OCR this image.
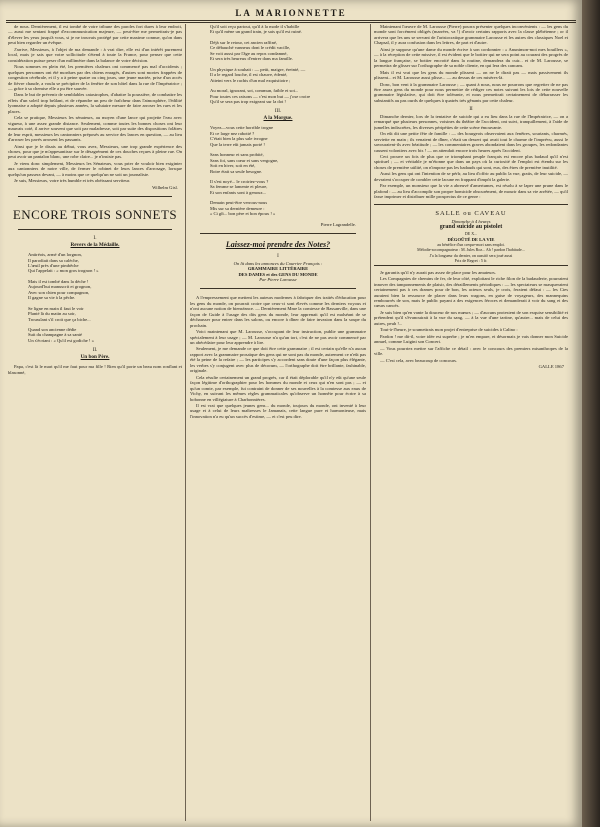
LA MARIONNETTE

de nous. Dernièrement, il est tombé de votre tribune des paroles fort dures à leur endroit, — aussi me sentant frappé d'excommunication majeure, — peut-être me permettrais-je pas d'élever les yeux jusqu'à vous, si je ne trouvais protégé par cette maxime connue, qu'on dans peut bien regarder un évêque.

J'arrive, Messieurs, à l'objet de ma demande : à vrai dire, elle est d'un intérêt purement local, mais je sais que votre sollicitude s'étend à toute la France, pour penser que cette considération puisse peser d'un millimètre dans la balance de votre décision.

Nous sommes en plein été, les premières chaleurs ont commencé pas mal d'accidents ; quelques personnes ont été mordues par des chiens enragés, d'autres sont mortes frappées de congestion cérébrale, et il y a à peine quatre ou cinq jours, une jeune mariée, prise d'un accès de fièvre chaude, a voulu se précipiter de la fenêtre de son hôtel dans la rue de l'Impératrice ; — grâce à sa chemise elle a pu être sauvée.

Dans le but de prévenir de semblables catastrophes, d'abattre la poussière, de combattre les effets d'un soleil trop brûlant, et de répandre un peu de fraîcheur dans l'atmosphère, l'édilité lyonnaise a adopté depuis plusieurs années, la salutaire mesure de faire arroser les rues et les places.

Cela se pratique, Messieurs les sénateurs, au moyen d'une lance qui projette l'eau avec vigueur, à une assez grande distance. Seulement, comme toutes les bonnes choses ont leur mauvais coté, il arrive souvent que soit par maladresse, soit par suite des dispositions folâtres de leur esprit, messieurs les cantonniers préposés au service des lances en question, — au lieu d'arroser les pavés arrosent les passants.

Ainsi que je le disais au début, vous avez, Messieurs, une trop grande expérience des choses, pour que je m'appesantisse sur le désagrément de ces douches reçues à pleine rue. On peut avoir un pantalon blanc, une robe claire... je n'insiste pas.

Je viens donc simplement, Messieurs les Sénateurs, vous prier de vouloir bien exiginter aux cantonniers de notre ville, de fermer le robinet de leurs lances d'arrosage, lorsque quelqu'un passera devant, — à moins que ce quelqu'un ne soit un journaliste.

Je suis, Messieurs, votre très humble et très obéissant serviteur.

Wilhelm Gisl.

ENCORE TROIS SONNETS

I.

Revers de la Médaille.

Antiréois, armé d'un lorgnon,

Il parodiait dans sa calèche,

L'œuil près d'une pimbêche

Qui l'appelait : « mon gros trognon ! »

Mais il est tombé dans la dèche !

Aujourd'hui manuscrit et grognon,

Avec son chien pour compagnon,

Il gagne sa vie à la pêche.

Se ligne en main il faut le voir

Planté là du matin au soir,

Trousslant s'il croit que ça biche...

Quand son ancienne dédie

Suit du champagne à sa santé

Un s'écriant : « Qu'il est godiche ! »

II.

Un bon Père.

Papa, c'est là le mari qu'il me faut pour ma fille ! Rien qu'il porte un beau nom ronflant et blasonné,

Qu'il soit reçu partout, qu'il à la mode il s'habille

Et qu'il mène un grand train, je sais qu'il est ruiné.

Déjà sur le retour, cet ancien raffiné,

Ce débauché vanneux dont le crédit vacille,

Se voit aussi par l'âge au repos condamné,

Et sera très heureux d'entrer dans ma famille.

Un physique à souhait : — petit, maigre, éreinté, —

Il a le regard louche, il est chauve, édenté,

Atteint vers le rachis d'un mal exquisitoire ;

Au moral, ignorant, sot, commun, faible et sot...

Pour toutes ces raisons — c'est mon but — j'ose croire

Qu'il se sera pas trop exigeant sur la dot !

III.

A la Morgue.

Voyez—vous cette horrible trogne

Et ce large nez rabotté ?

C'était bien la plus sale ivrogne

Que la terre eût jamais porté !

Sans honneur et sans probité,

Sans foi, sans cœur et sans vergogne,

Soit en hiver, soit en été,

Boire était sa seule besogne.

Il s'est noyé... le croiriez-vous ?

Sa femme se lamente et pleure,

Et son enfants sont à genoux...

Demain peut-être verrous-nous

Mis sur sa dernière demeure :

« Ci gît... bon père et bon époux ! »

Pierre Lagrandelle.

Laissez-moi prendre des Notes?

I

On lit dans les annonces du Courrier Français :

GRAMMAIRE LITTÉRAIRE

DES DAMES et des GENS DU MONDE

Par Pierre Larousse

A l'empressement que mettent les auteurs modernes à fabriquer des traités d'éducation pour les gens du monde, on pourrait croire que ceux-ci sont élevés comme les derniers voyous et n'ont aucune notion de bienséance. — Dernièrement Mme la comtesse de Bassanville, dans une façon de Guide à l'usage des dits gens du monde, leur apprenait qu'il est malséant de se déchausser pour entrer dans les salons, ou encore à dîner de faire invasion dans la soupe du prochain.

Voici maintenant que M. Larousse, s'occupant de leur instruction, publie une grammaire spécialement à leur usage ; — M. Larousse n'a qu'un tort, c'est de ne pas avoir commencé par un abécédaire pour leur apprendre à lire.

Seulement, je me demande ce que doit être cette grammaire ; il est certain qu'elle n'a aucun rapport avec la grammaire prosaïque des gens qui ne sont pas du monde, autrement ce n'eût pas été la peine de la refaire ; — les participes s'y accordent sans doute d'une façon plus élégante, les verbes s'y conjugent avec plus de décorum, — l'orthographe doit être brillante, fashinable, originale.

Cela résulte certainement un grand progrès, car il était déplorable qu'il n'y eût qu'une seule façon légitime d'orthographier pour les hommes du monde et ceux qui n'en sont pas ; — et qu'un comte, par exemple, fut contraint de donner de ses nouvelles à la comtesse aux eaux de Vichy, en suivant les mêmes règles grammaticales qu'observe un honnête pour écrire à sa bobonne en villégiature à Charbonnières.

Il est vrai que quelques jeunes gens... du monde, toujours du monde, ont inventé à leur usage et à celui de leurs maîtresses le Jamanais, cette langue pure et harmonieuse, mais l'innovation n'a eu qu'un succès d'estime, — et c'est peu dire.

Maintenant l'œuvre de M. Larousse (Pierre) pourra présenter quelques inconvénients : — les gens du monde sont forcément obligés (marrées, va !) d'avoir certains rapports avec la classe plébéienne ; or il arrivera que les uns se servant de l'aristocratique grammaire Larousse et les autres des classiques Noel et Chapsal, il y aura confusion dans les lettres, de part et d'autre.

Ainsi je suppose qu'une dame du monde écrive à son cordonnier : « Anunimon-moi mes bouillers », — à la réception de cette missive, il est évident que le bottier qui ne sera point au courant des progrès de la langue française, se bottier encrotté dans la routine, demandera du cuir... et de M. Larousse, se permettra de glisser sur l'orthographe de sa noble cliente, en qui lera des cancans.

Mais il est vrai que les gens du monde plissent — on ne le dirait pas — mais passivement ils plissent... et M. Larousse aussi plisse... — au dessus de ces misères-là.

Donc, bon vent à la grammaire Larousse ; — quant à nous, nous ne pourrons que regretter de ne pas être assez gens du monde pour nous permettre de rédiger ces notes suivant les lois de cette nouvelle grammaire législative, qui doit être tolérante, et nous permettrait certainement de débarrasser les substantifs au pas ourds de quelques à quatrès très gênants par cette chaleur.

II

Dimanche dernier, lors de la tentative de suicide qui a eu lieu dans la rue de l'Impératrice, — on a remarqué que plusieurs personnes, voisines du théâtre de l'accident, ont suivi, tranquillement, à l'aide de jumelles indiscrètes, les diverses péripéties de cette scène émouvante.

On eût dit une petite fête de famille : — des bourgeois observaient aux fenêtres, souriants, charmés, serviette en main ; ils venaient de dîner, c'était un dessert qui avait tout le charme de l'imprévu, aussi le savouraient-ils avec béatitude ; — les commentaires graves abondaient dans les groupes, les redondantes causent volontiers avec bis ! — on attendait encore trois heures après l'accident.

Ceci prouve un fois de plus que ce triomphant peuple français est encore plus badaud qu'il n'est spirituel ; — et véritable je m'étonne que dans un pays où la curiosité de l'emploi est étendu sur les choses de première utilité, on n'impose pas les badauds qui sont, eux, des êtres de première inutilité.

Aussi les gens qui ont l'intention de se pérîr, au lieu d'offrir au public la vue, gratis, de leur suicide, — devraient s'occuper de combler cette lacune en frappant d'impôt la galerie.

Par exemple, un monsieur que la vie a abreuvé d'amertumes, est résolu à se laper une prune dans le plafond : — au lieu d'accomplir son propre homicide obscurément, de mourir dans sa vie arrêtée, — qu'il fasse imprimer et distribuer mille prospectus de ce genre :

SALLE ou CAVEAU

Dimanche à 4 heures

grand suicide au pistolet

DE X...

DÉGOÛTÉ DE LA VIE

au bénéfice d'un creque-mort sans emploi.

Mélodie-accompagnateur : M. Jules Roz... Ah ! pardon l'habitude...

J'a la longueur du dernier, on aussitô sera joué aussi

Prix de Regret : 5 fr.

Je garantis qu'il n'y aurait pas assez de place pour les amateurs.

Les Compagnies de chemins de fer, de leur côté, exploitant le riche filon de la badauderie, pourraient innover des tamponnements de plaisir, des déraillements périodiques : — les spectateurs se masqueraient certainement pas à ces drames pour de bon, les acteurs seuls, je crois, feraient défaut : — les Cies auraient bien la ressource de placer dans leurs wagons, en guise de voyageurs, des mannequins rembourrés de son, mais le public payant a des exigences féroces et demanderait à voir du sang et des cœurs cancés.

Je suis bien qu'en vante la douceur de nos mœurs ; — d'aucuns protestent de son exquise sensibilité et prétendent qu'il s'évanouirait à la vue du sang, — à la vue d'une tartine, qu'autre... mais de celui des autres, peuh !...

Tout-à-l'heure, je soumettrais mon projet d'entreprise de suicides à Calino :

Pardon ! me dit-il, votre idée est superbe ; je m'en empare, et désormais je vais donner mon Suicide annuel, comme Luigini son Concert.

— Vous pourriez mettre sur l'affiche ce détail : avec le concours des premiers misanthropes de la ville.

— C'est cela, avec beaucoup de concours.

GALLE 1867
